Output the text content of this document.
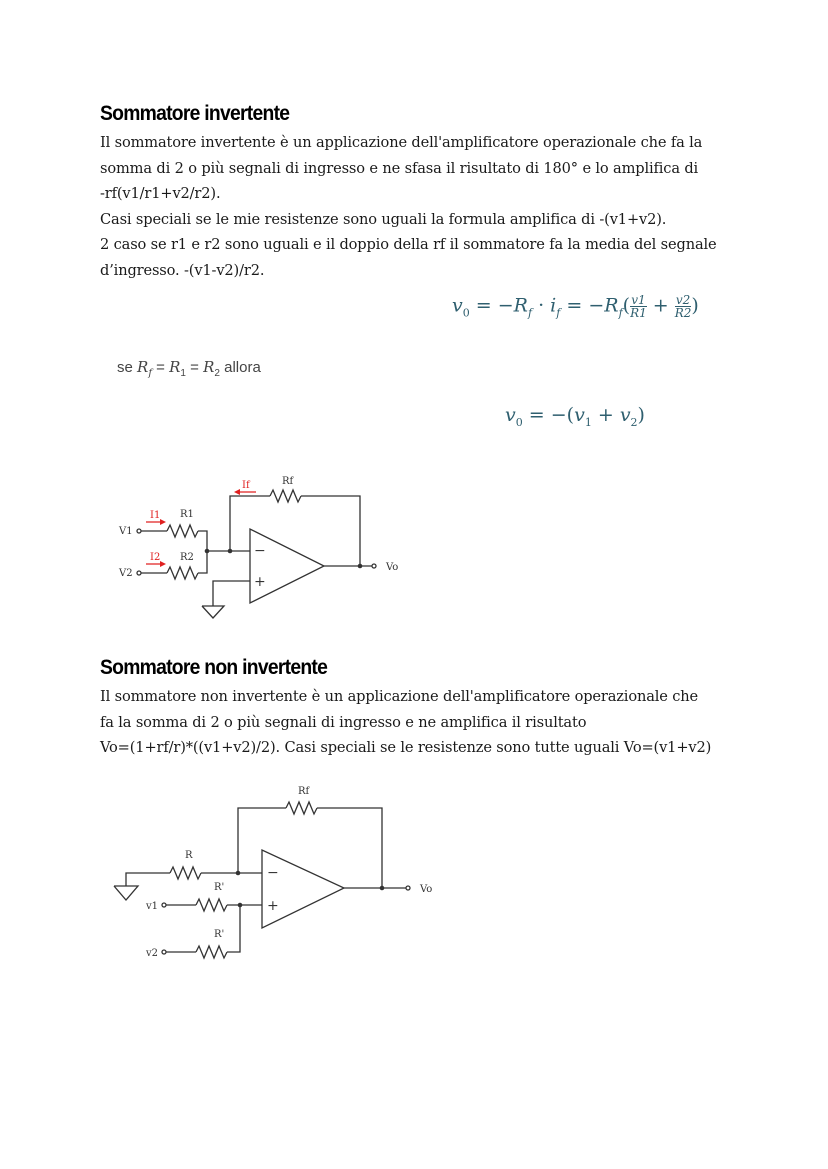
Sommatore invertente
Il sommatore invertente è un applicazione dell'amplificatore operazionale che fa la
somma di 2 o più segnali di ingresso e ne sfasa il risultato di 180° e lo amplifica di
-rf(v1/r1+v2/r2).
Casi speciali se le mie resistenze sono uguali la formula amplifica di -(v1+v2).
2 caso se r1 e r2 sono uguali e il doppio della rf il sommatore fa la media del segnale
d’ingresso. -(v1-v2)/r2.
$v_0 = -R_f \cdot i_f = -R_f( \frac{v1}{R1} + \frac{v2}{R2}$ )
se $R_f = R_1 = R_2$ allora
$v_0 = -(v_1 + v_2)$
If	Rf
I1 R1
V1
I2 R2
V2
Vo
−
+
Sommatore non invertente
Il sommatore non invertente è un applicazione dell'amplificatore operazionale che
fa la somma di 2 o più segnali di ingresso e ne amplifica il risultato
Vo=(1+rf/r)*((v1+v2)/2). Casi speciali se le resistenze sono tutte uguali Vo=(v1+v2)
Rf
R
R'
R'
v1
v2
Vo
−
+
